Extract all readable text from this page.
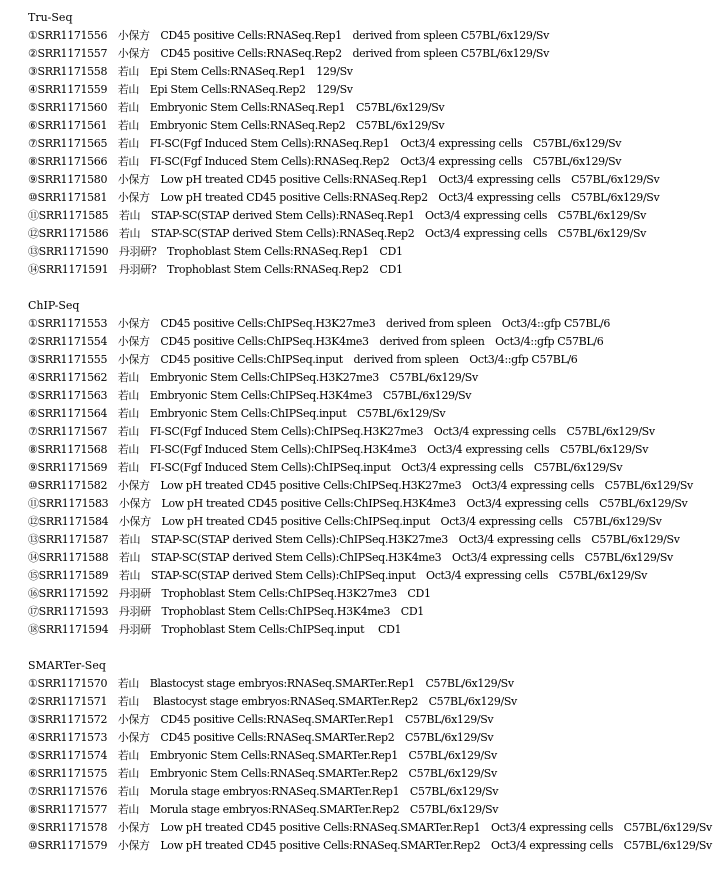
Tru-Seq
①SRR1171556　小保方　CD45 positive Cells:RNASeq.Rep1　derived from spleen C57BL/6x129/Sv
②SRR1171557　小保方　CD45 positive Cells:RNASeq.Rep2　derived from spleen C57BL/6x129/Sv
③SRR1171558　若山　Epi Stem Cells:RNASeq.Rep1　129/Sv
④SRR1171559　若山　Epi Stem Cells:RNASeq.Rep2　129/Sv
⑤SRR1171560　若山　Embryonic Stem Cells:RNASeq.Rep1　C57BL/6x129/Sv
⑥SRR1171561　若山　Embryonic Stem Cells:RNASeq.Rep2　C57BL/6x129/Sv
⑦SRR1171565　若山　FI-SC(Fgf Induced Stem Cells):RNASeq.Rep1　Oct3/4 expressing cells　C57BL/6x129/Sv
⑧SRR1171566　若山　FI-SC(Fgf Induced Stem Cells):RNASeq.Rep2　Oct3/4 expressing cells　C57BL/6x129/Sv
⑨SRR1171580　小保方　Low pH treated CD45 positive Cells:RNASeq.Rep1　Oct3/4 expressing cells　C57BL/6x129/Sv
⑩SRR1171581　小保方　Low pH treated CD45 positive Cells:RNASeq.Rep2　Oct3/4 expressing cells　C57BL/6x129/Sv
⑪SRR1171585　若山　STAP-SC(STAP derived Stem Cells):RNASeq.Rep1　Oct3/4 expressing cells　C57BL/6x129/Sv
⑫SRR1171586　若山　STAP-SC(STAP derived Stem Cells):RNASeq.Rep2　Oct3/4 expressing cells　C57BL/6x129/Sv
⑬SRR1171590　丹羽研?　Trophoblast Stem Cells:RNASeq.Rep1　CD1
⑭SRR1171591　丹羽研?　Trophoblast Stem Cells:RNASeq.Rep2　CD1
ChIP-Seq
①SRR1171553　小保方　CD45 positive Cells:ChIPSeq.H3K27me3　derived from spleen　Oct3/4::gfp C57BL/6
②SRR1171554　小保方　CD45 positive Cells:ChIPSeq.H3K4me3　derived from spleen　Oct3/4::gfp C57BL/6
③SRR1171555　小保方　CD45 positive Cells:ChIPSeq.input　derived from spleen　Oct3/4::gfp C57BL/6
④SRR1171562　若山　Embryonic Stem Cells:ChIPSeq.H3K27me3　C57BL/6x129/Sv
⑤SRR1171563　若山　Embryonic Stem Cells:ChIPSeq.H3K4me3　C57BL/6x129/Sv
⑥SRR1171564　若山　Embryonic Stem Cells:ChIPSeq.input　C57BL/6x129/Sv
⑦SRR1171567　若山　FI-SC(Fgf Induced Stem Cells):ChIPSeq.H3K27me3　Oct3/4 expressing cells　C57BL/6x129/Sv
⑧SRR1171568　若山　FI-SC(Fgf Induced Stem Cells):ChIPSeq.H3K4me3　Oct3/4 expressing cells　C57BL/6x129/Sv
⑨SRR1171569　若山　FI-SC(Fgf Induced Stem Cells):ChIPSeq.input　Oct3/4 expressing cells　C57BL/6x129/Sv
⑩SRR1171582　小保方　Low pH treated CD45 positive Cells:ChIPSeq.H3K27me3　Oct3/4 expressing cells　C57BL/6x129/Sv
⑪SRR1171583　小保方　Low pH treated CD45 positive Cells:ChIPSeq.H3K4me3　Oct3/4 expressing cells　C57BL/6x129/Sv
⑫SRR1171584　小保方　Low pH treated CD45 positive Cells:ChIPSeq.input　Oct3/4 expressing cells　C57BL/6x129/Sv
⑬SRR1171587　若山　STAP-SC(STAP derived Stem Cells):ChIPSeq.H3K27me3　Oct3/4 expressing cells　C57BL/6x129/Sv
⑭SRR1171588　若山　STAP-SC(STAP derived Stem Cells):ChIPSeq.H3K4me3　Oct3/4 expressing cells　C57BL/6x129/Sv
⑮SRR1171589　若山　STAP-SC(STAP derived Stem Cells):ChIPSeq.input　Oct3/4 expressing cells　C57BL/6x129/Sv
⑯SRR1171592　丹羽研　Trophoblast Stem Cells:ChIPSeq.H3K27me3　CD1
⑰SRR1171593　丹羽研　Trophoblast Stem Cells:ChIPSeq.H3K4me3　CD1
⑱SRR1171594　丹羽研　Trophoblast Stem Cells:ChIPSeq.input　 CD1
SMARTer-Seq
①SRR1171570　若山　Blastocyst stage embryos:RNASeq.SMARTer.Rep1　C57BL/6x129/Sv
②SRR1171571　若山　 Blastocyst stage embryos:RNASeq.SMARTer.Rep2　C57BL/6x129/Sv
③SRR1171572　小保方　CD45 positive Cells:RNASeq.SMARTer.Rep1　C57BL/6x129/Sv
④SRR1171573　小保方　CD45 positive Cells:RNASeq.SMARTer.Rep2　C57BL/6x129/Sv
⑤SRR1171574　若山　Embryonic Stem Cells:RNASeq.SMARTer.Rep1　C57BL/6x129/Sv
⑥SRR1171575　若山　Embryonic Stem Cells:RNASeq.SMARTer.Rep2　C57BL/6x129/Sv
⑦SRR1171576　若山　Morula stage embryos:RNASeq.SMARTer.Rep1　C57BL/6x129/Sv
⑧SRR1171577　若山　Morula stage embryos:RNASeq.SMARTer.Rep2　C57BL/6x129/Sv
⑨SRR1171578　小保方　Low pH treated CD45 positive Cells:RNASeq.SMARTer.Rep1　Oct3/4 expressing cells　C57BL/6x129/Sv
⑩SRR1171579　小保方　Low pH treated CD45 positive Cells:RNASeq.SMARTer.Rep2　Oct3/4 expressing cells　C57BL/6x129/Sv
